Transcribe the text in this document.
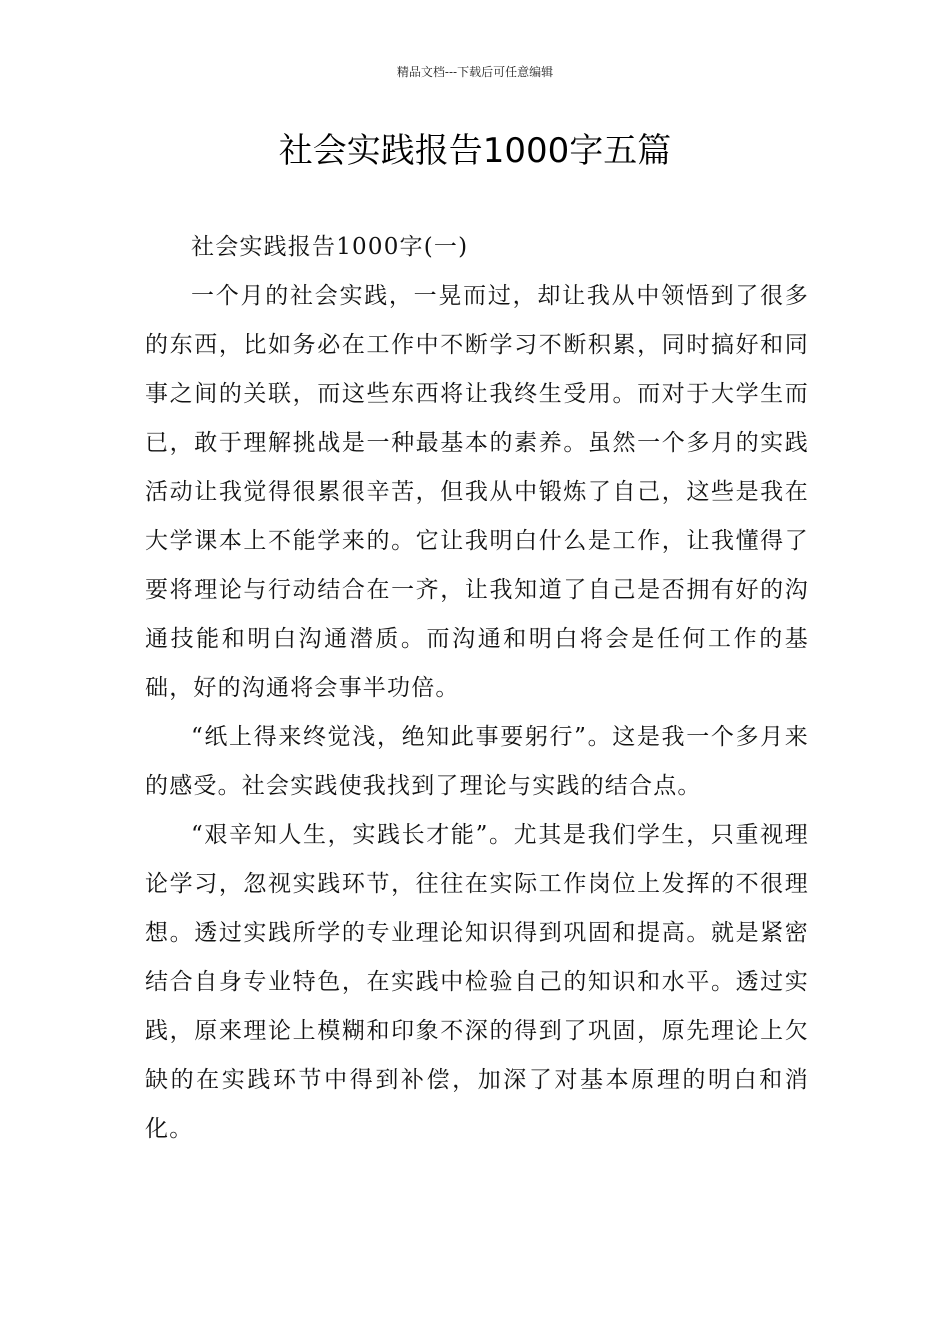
精品文档---下载后可任意编辑
社会实践报告1000字五篇

社会实践报告1000字(一)

一个月的社会实践，一晃而过，却让我从中领悟到了很多的东西，比如务必在工作中不断学习不断积累，同时搞好和同事之间的关联，而这些东西将让我终生受用。而对于大学生而已，敢于理解挑战是一种最基本的素养。虽然一个多月的实践活动让我觉得很累很辛苦，但我从中锻炼了自己，这些是我在大学课本上不能学来的。它让我明白什么是工作，让我懂得了要将理论与行动结合在一齐，让我知道了自己是否拥有好的沟通技能和明白沟通潜质。而沟通和明白将会是任何工作的基础，好的沟通将会事半功倍。

“纸上得来终觉浅，绝知此事要躬行”。这是我一个多月来的感受。社会实践使我找到了理论与实践的结合点。

“艰辛知人生，实践长才能”。尤其是我们学生，只重视理论学习，忽视实践环节，往往在实际工作岗位上发挥的不很理想。透过实践所学的专业理论知识得到巩固和提高。就是紧密结合自身专业特色，在实践中检验自己的知识和水平。透过实践，原来理论上模糊和印象不深的得到了巩固，原先理论上欠缺的在实践环节中得到补偿，加深了对基本原理的明白和消化。
